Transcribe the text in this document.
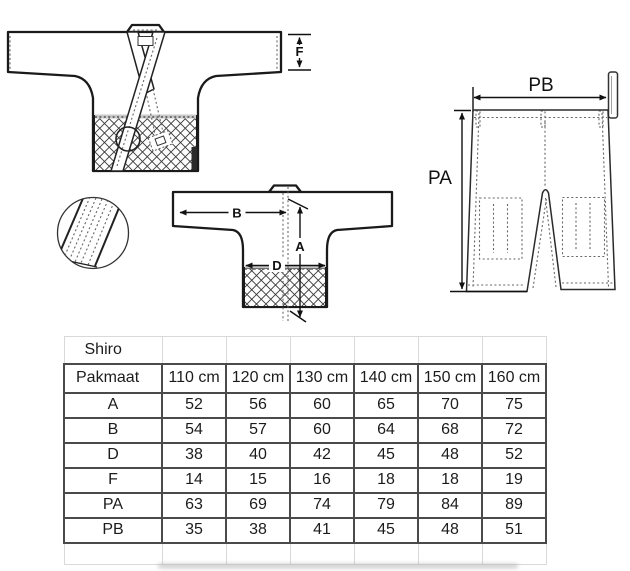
F
B
A
D
PB
PA
Shiro						
Pakmaat	110 cm	120 cm	130 cm	140 cm	150 cm	160 cm
A	52	56	60	65	70	75
B	54	57	60	64	68	72
D	38	40	42	45	48	52
F	14	15	16	18	18	19
PA	63	69	74	79	84	89
PB	35	38	41	45	48	51
